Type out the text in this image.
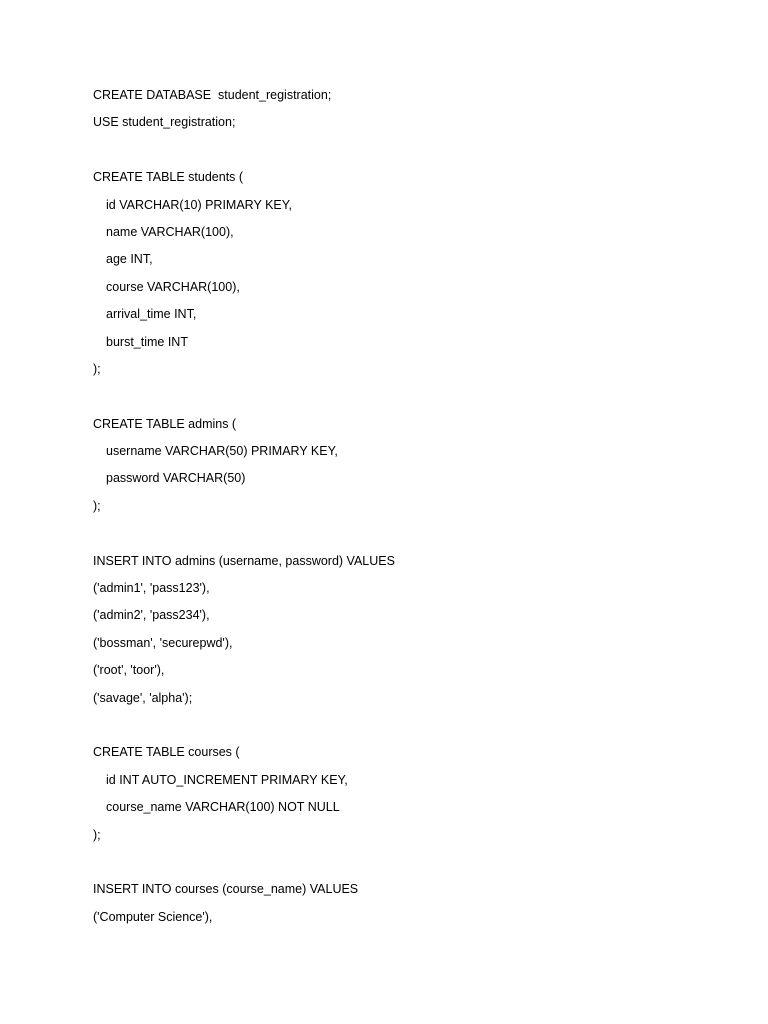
CREATE DATABASE  student_registration;
USE student_registration;
CREATE TABLE students (
id VARCHAR(10) PRIMARY KEY,
name VARCHAR(100),
age INT,
course VARCHAR(100),
arrival_time INT,
burst_time INT
);
CREATE TABLE admins (
username VARCHAR(50) PRIMARY KEY,
password VARCHAR(50)
);
INSERT INTO admins (username, password) VALUES
('admin1', 'pass123'),
('admin2', 'pass234'),
('bossman', 'securepwd'),
('root', 'toor'),
('savage', 'alpha');
CREATE TABLE courses (
id INT AUTO_INCREMENT PRIMARY KEY,
course_name VARCHAR(100) NOT NULL
);
INSERT INTO courses (course_name) VALUES
('Computer Science'),
